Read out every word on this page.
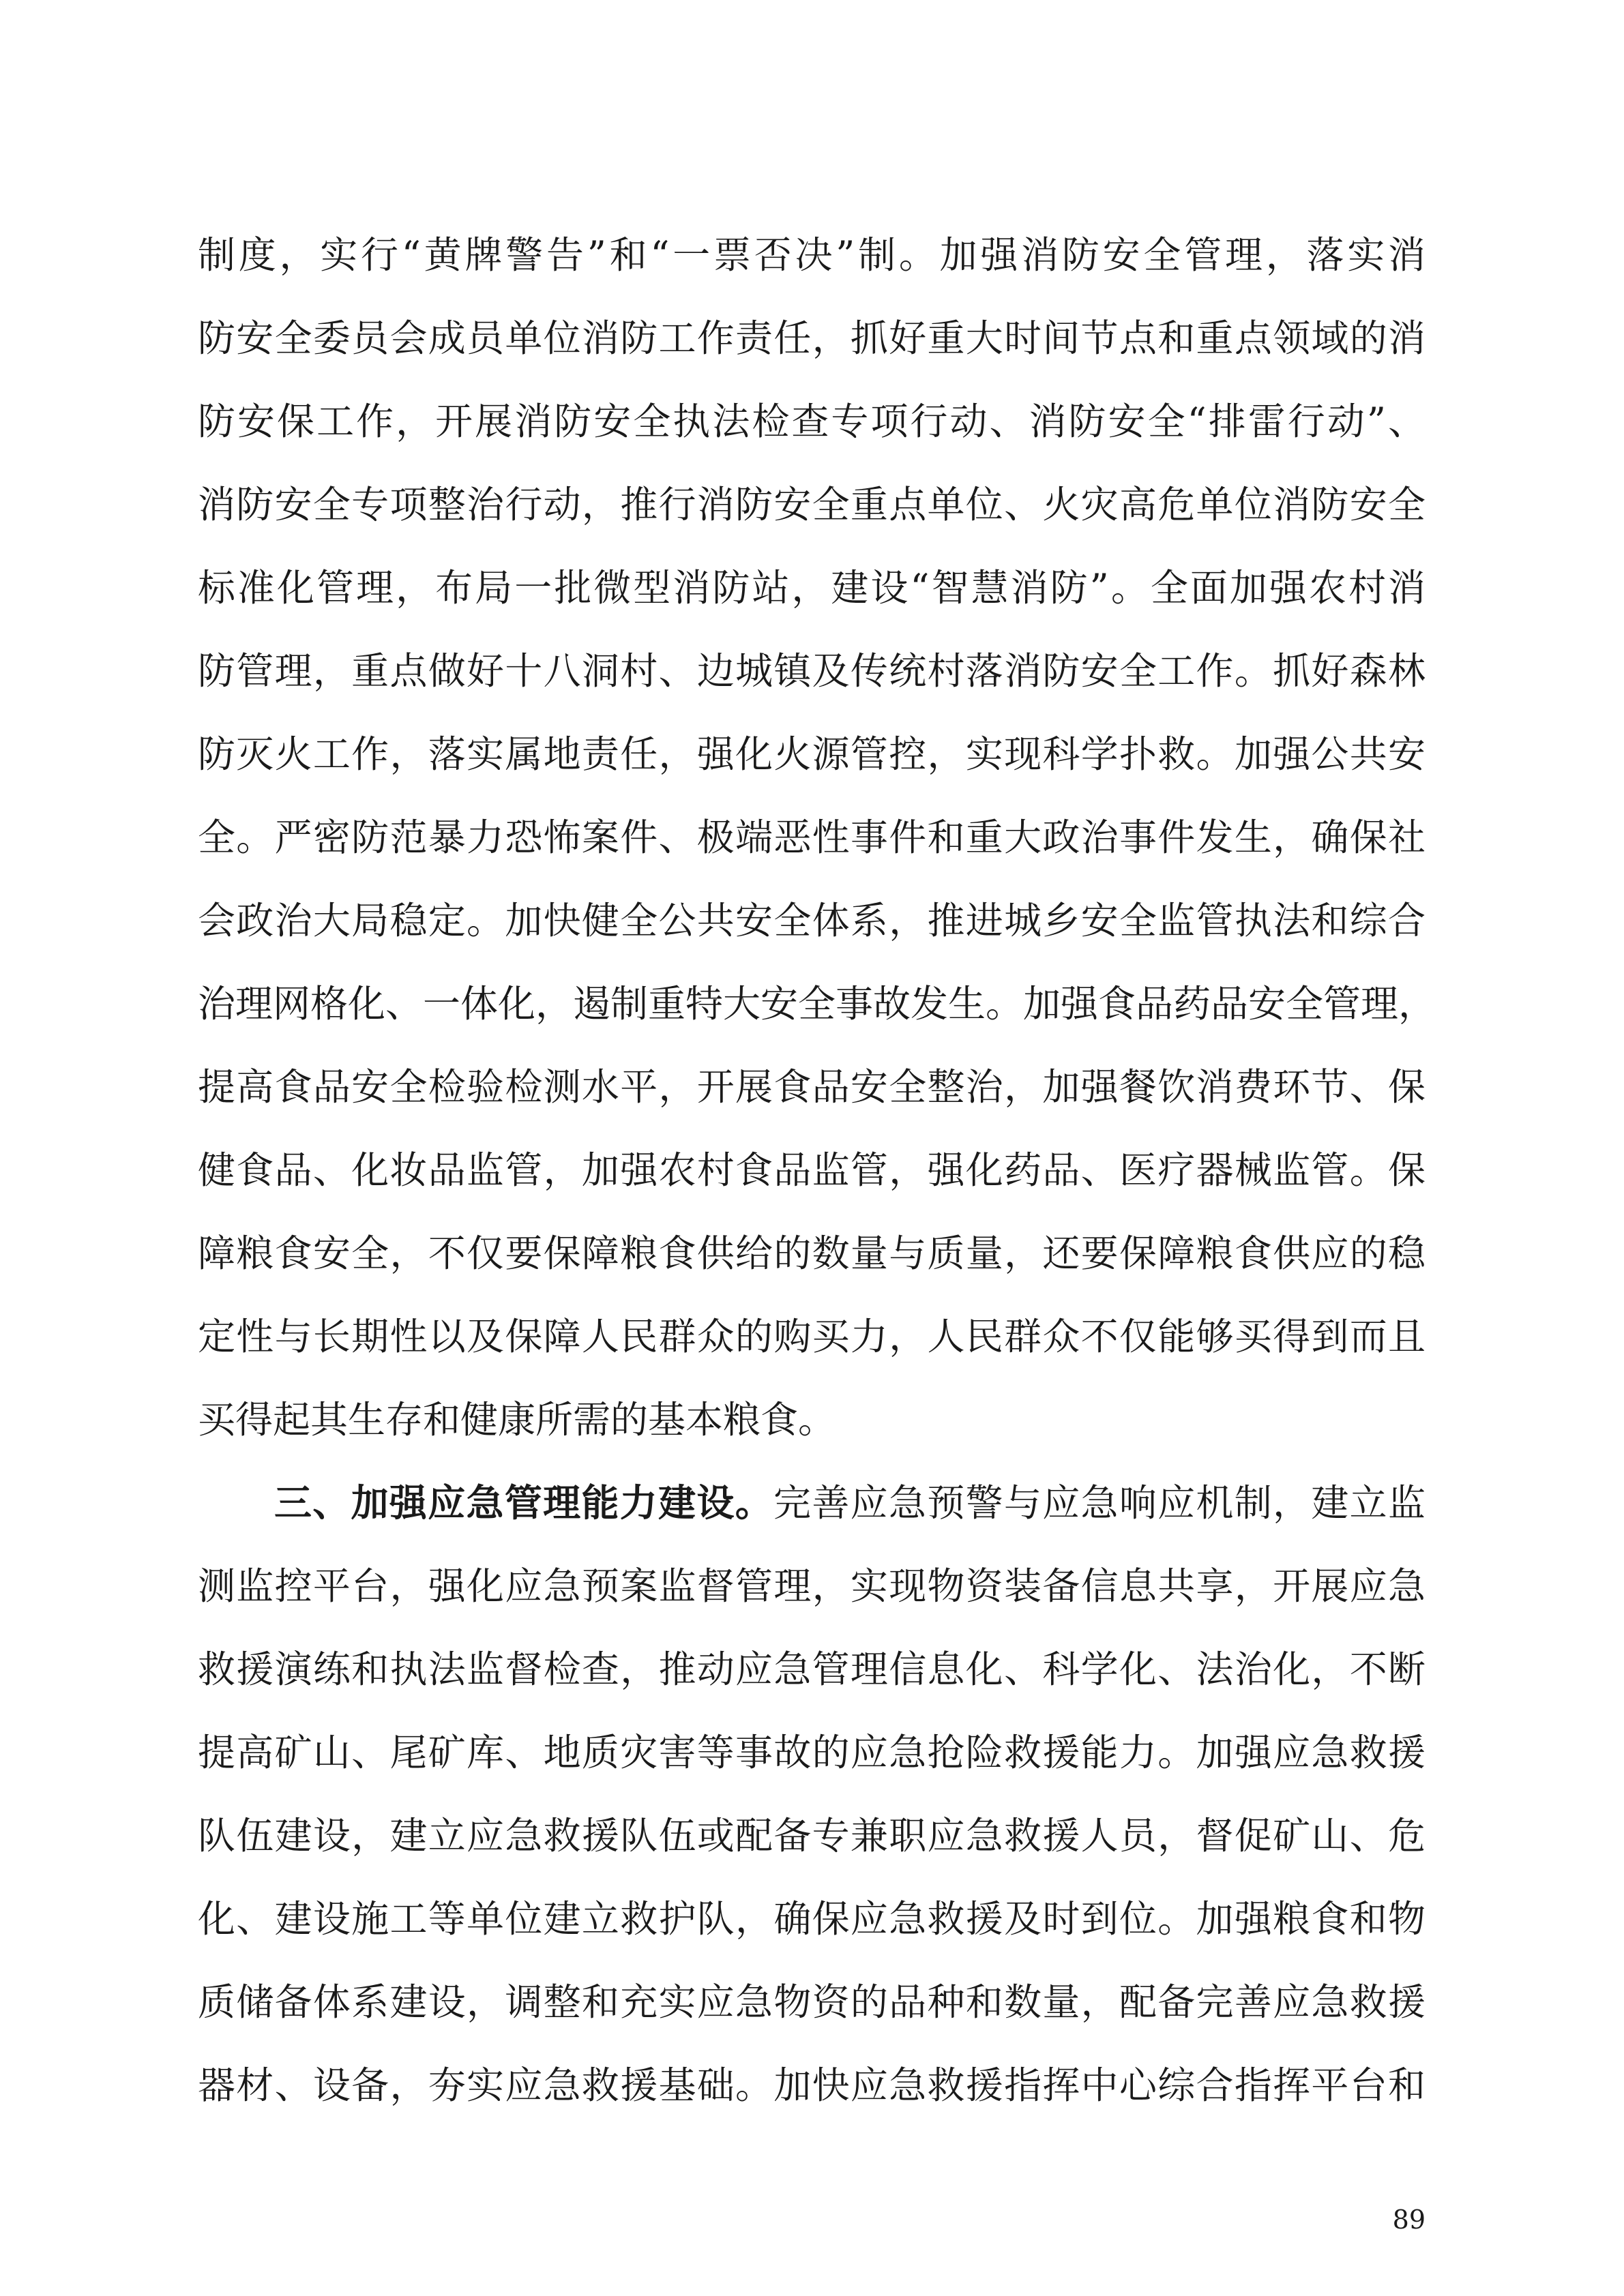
制度，实行“黄牌警告”和“一票否决”制。加强消防安全管理，落实消
防安全委员会成员单位消防工作责任，抓好重大时间节点和重点领域的消
防安保工作，开展消防安全执法检查专项行动、消防安全“排雷行动”、
消防安全专项整治行动，推行消防安全重点单位、火灾高危单位消防安全
标准化管理，布局一批微型消防站，建设“智慧消防”。全面加强农村消
防管理，重点做好十八洞村、边城镇及传统村落消防安全工作。抓好森林
防灭火工作，落实属地责任，强化火源管控，实现科学扑救。加强公共安
全。严密防范暴力恐怖案件、极端恶性事件和重大政治事件发生，确保社
会政治大局稳定。加快健全公共安全体系，推进城乡安全监管执法和综合
治理网格化、一体化，遏制重特大安全事故发生。加强食品药品安全管理，
提高食品安全检验检测水平，开展食品安全整治，加强餐饮消费环节、保
健食品、化妆品监管，加强农村食品监管，强化药品、医疗器械监管。保
障粮食安全，不仅要保障粮食供给的数量与质量，还要保障粮食供应的稳
定性与长期性以及保障人民群众的购买力，人民群众不仅能够买得到而且
买得起其生存和健康所需的基本粮食。
三、加强应急管理能力建设。完善应急预警与应急响应机制，建立监
测监控平台，强化应急预案监督管理，实现物资装备信息共享，开展应急
救援演练和执法监督检查，推动应急管理信息化、科学化、法治化，不断
提高矿山、尾矿库、地质灾害等事故的应急抢险救援能力。加强应急救援
队伍建设，建立应急救援队伍或配备专兼职应急救援人员，督促矿山、危
化、建设施工等单位建立救护队，确保应急救援及时到位。加强粮食和物
质储备体系建设，调整和充实应急物资的品种和数量，配备完善应急救援
器材、设备，夯实应急救援基础。加快应急救援指挥中心综合指挥平台和
89
